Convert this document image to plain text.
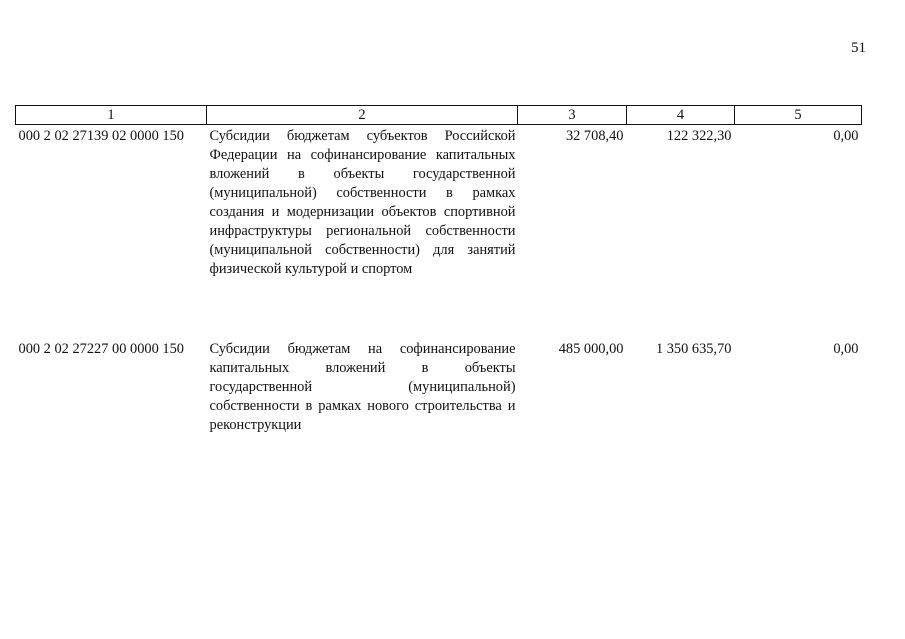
51
1	2	3	4	5
000 2 02 27139 02 0000 150	Субсидии бюджетам субъектов Российской Федерации на софинансирование капитальных вложений в объекты государственной (муниципальной) собственности в рамках создания и модернизации объектов спортивной инфраструктуры региональной собственности (муниципальной собственности) для занятий физической культурой и спортом	32 708,40	122 322,30	0,00
000 2 02 27227 00 0000 150	Субсидии бюджетам на софинансирование капитальных вложений в объекты государственной (муниципальной) собственности в рамках нового строительства и реконструкции	485 000,00	1 350 635,70	0,00
